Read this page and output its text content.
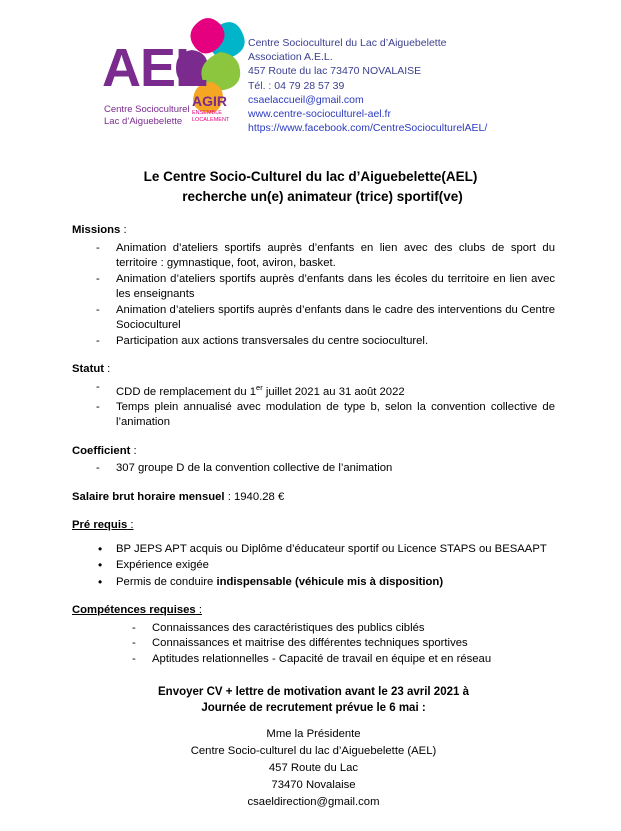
AEL
AGIR
ENSEMBLE
LOCALEMENT
Centre Socioculturel
Lac d’Aiguebelette
Centre Socioculturel du Lac d’Aiguebelette
Association A.E.L.
457 Route du lac 73470 NOVALAISE
Tél. : 04 79 28 57 39
csaelaccueil@gmail.com
www.centre-socioculturel-ael.fr
https://www.facebook.com/CentreSocioculturelAEL/
Le Centre Socio-Culturel du lac d’Aiguebelette(AEL)
recherche un(e) animateur (trice) sportif(ve)
Missions :
- Animation d’ateliers sportifs auprès d’enfants en lien avec des clubs de sport du territoire : gymnastique, foot, aviron, basket.
- Animation d’ateliers sportifs auprès d’enfants dans les écoles du territoire en lien avec les enseignants
- Animation d’ateliers sportifs auprès d’enfants dans le cadre des interventions du Centre Socioculturel
- Participation aux actions transversales du centre socioculturel.
Statut :
- CDD de remplacement du 1er juillet 2021 au 31 août 2022
- Temps plein annualisé avec modulation de type b, selon la convention collective de l’animation
Coefficient :
- 307 groupe D de la convention collective de l’animation
Salaire brut horaire mensuel : 1940.28 €
Pré requis :
• BP JEPS APT acquis ou Diplôme d’éducateur sportif ou Licence STAPS ou BESAAPT
• Expérience exigée
• Permis de conduire indispensable (véhicule mis à disposition)
Compétences requises :
- Connaissances des caractéristiques des publics ciblés
- Connaissances et maitrise des différentes techniques sportives
- Aptitudes relationnelles - Capacité de travail en équipe et en réseau
Envoyer CV + lettre de motivation avant le 23 avril 2021 à
Journée de recrutement prévue le 6 mai :
Mme la Présidente
Centre Socio-culturel du lac d’Aiguebelette (AEL)
457 Route du Lac
73470 Novalaise
csaeldirection@gmail.com
